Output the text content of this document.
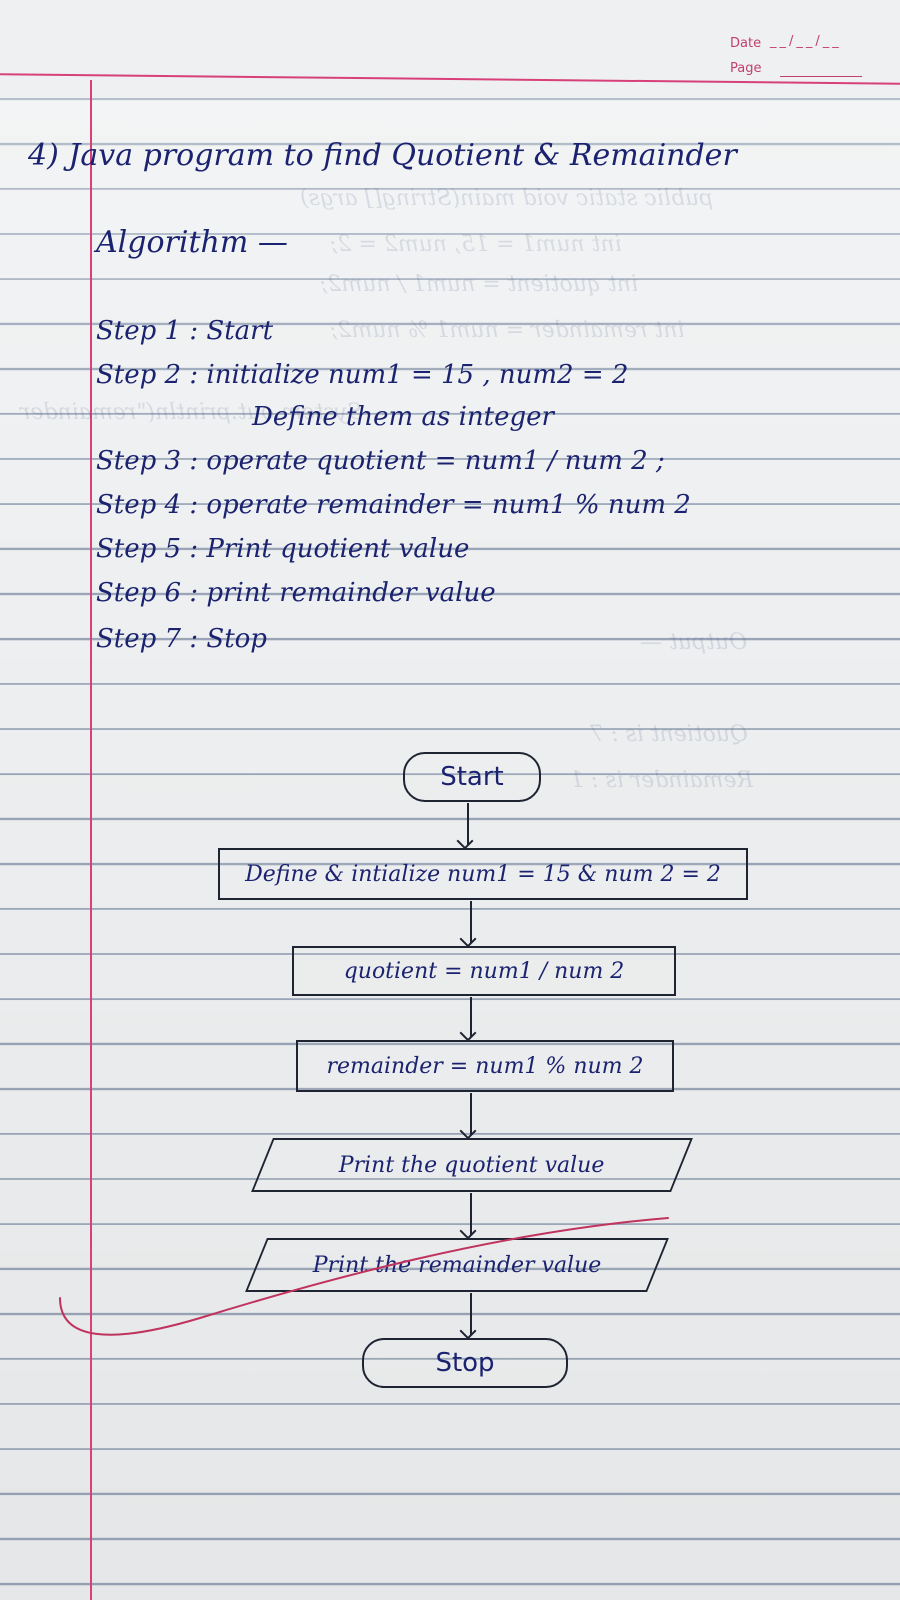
Date __/__/__
Page
public static void main(String[] args)
int num1 = 15, num2 = 2;
int quotient = num1 / num2;
int remainder = num1 % num2;
System.out.println("remainder
Output —
Quotient is : 7
Remainder is : 1
4) Java program to find Quotient & Remainder
Algorithm —
Step 1 : Start
Step 2 : initialize num1 = 15 , num2 = 2
Define them as integer
Step 3 : operate quotient = num1 / num 2 ;
Step 4 : operate remainder = num1 % num 2
Step 5 : Print quotient value
Step 6 : print remainder value
Step 7 : Stop
Start
Define & intialize num1 = 15 & num 2 = 2
quotient = num1 / num 2
remainder = num1 % num 2
Print the quotient value
Print the remainder value
Stop
